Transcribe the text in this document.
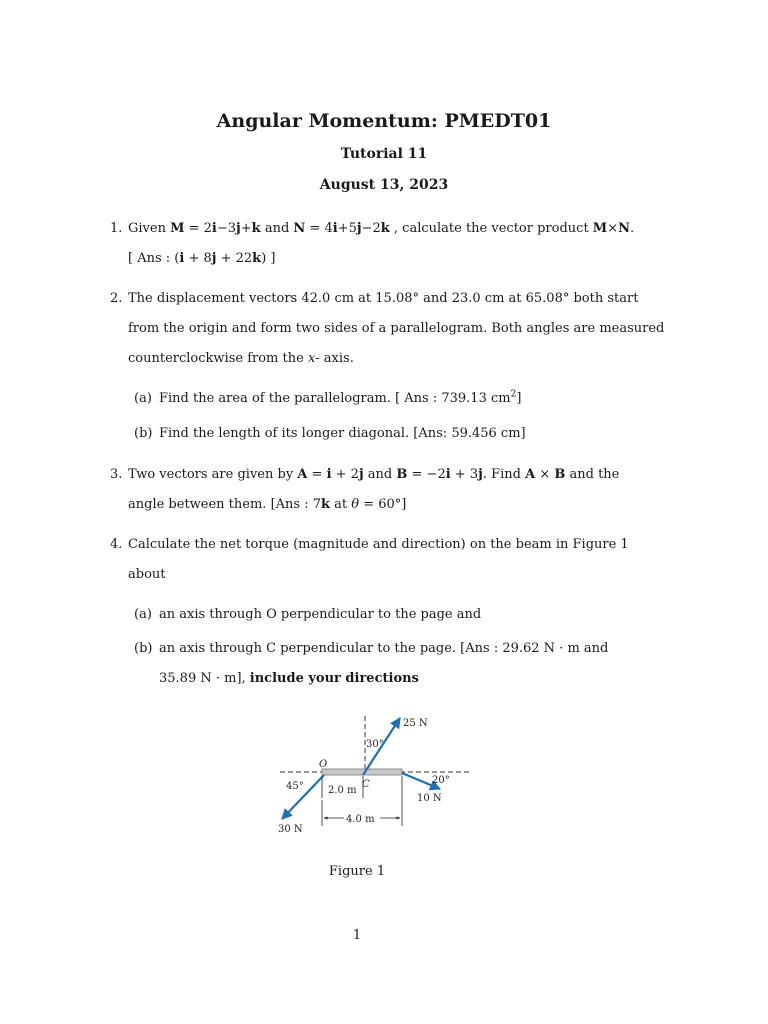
Angular Momentum: PMEDT01
Tutorial 11
August 13, 2023
1. Given M = 2i−3j+k and N = 4i+5j−2k , calculate the vector product M×N.
[ Ans : (i + 8j + 22k) ]
2. The displacement vectors 42.0 cm at 15.08° and 23.0 cm at 65.08° both start
from the origin and form two sides of a parallelogram. Both angles are measured
counterclockwise from the x- axis.
(a) Find the area of the parallelogram. [ Ans : 739.13 $cm^2$]
(b) Find the length of its longer diagonal. [Ans: 59.456 cm]
3. Two vectors are given by A = i + 2j and B = −2i + 3j. Find A × B and the
angle between them. [Ans : 7k at θ = 60°]
4. Calculate the net torque (magnitude and direction) on the beam in Figure 1
about
(a) an axis through O perpendicular to the page and
(b) an axis through C perpendicular to the page. [Ans : 29.62 N · m and
35.89 N · m], include your directions
25 N
30°
O
C
45° 2.0 m
20°
10 N
4.0 m
30 N
Figure 1
1
